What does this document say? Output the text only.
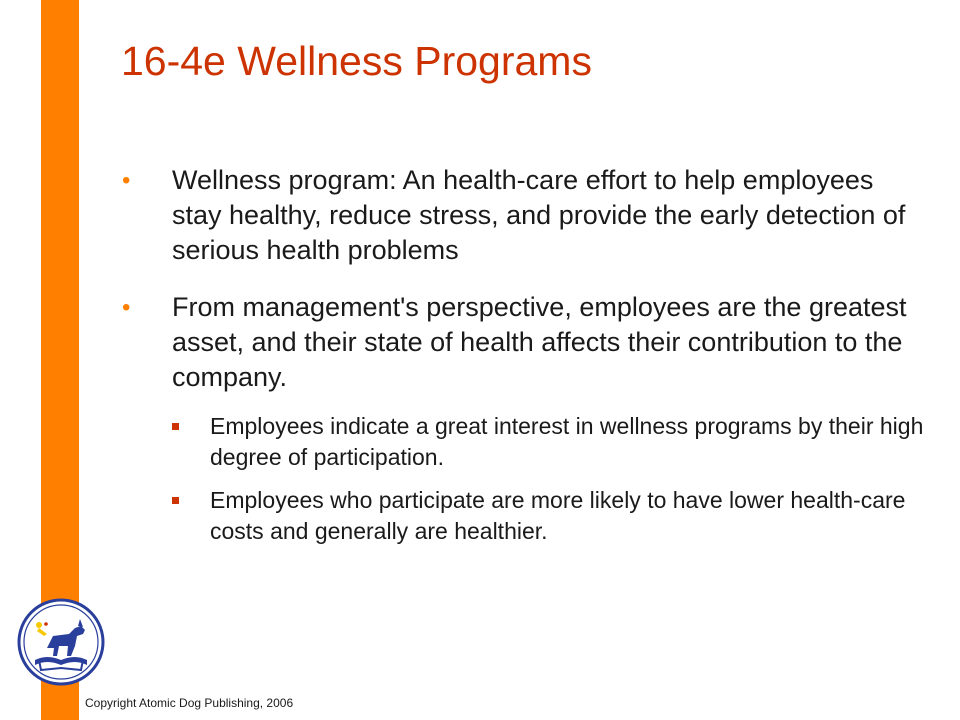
16-4e Wellness Programs
• Wellness program: An health-care effort to help employees stay healthy, reduce stress, and provide the early detection of serious health problems
• From management's perspective, employees are the greatest asset, and their state of health affects their contribution to the company.
Employees indicate a great interest in wellness programs by their high degree of participation.
Employees who participate are more likely to have lower health-care costs and generally are healthier.
Copyright Atomic Dog Publishing, 2006
